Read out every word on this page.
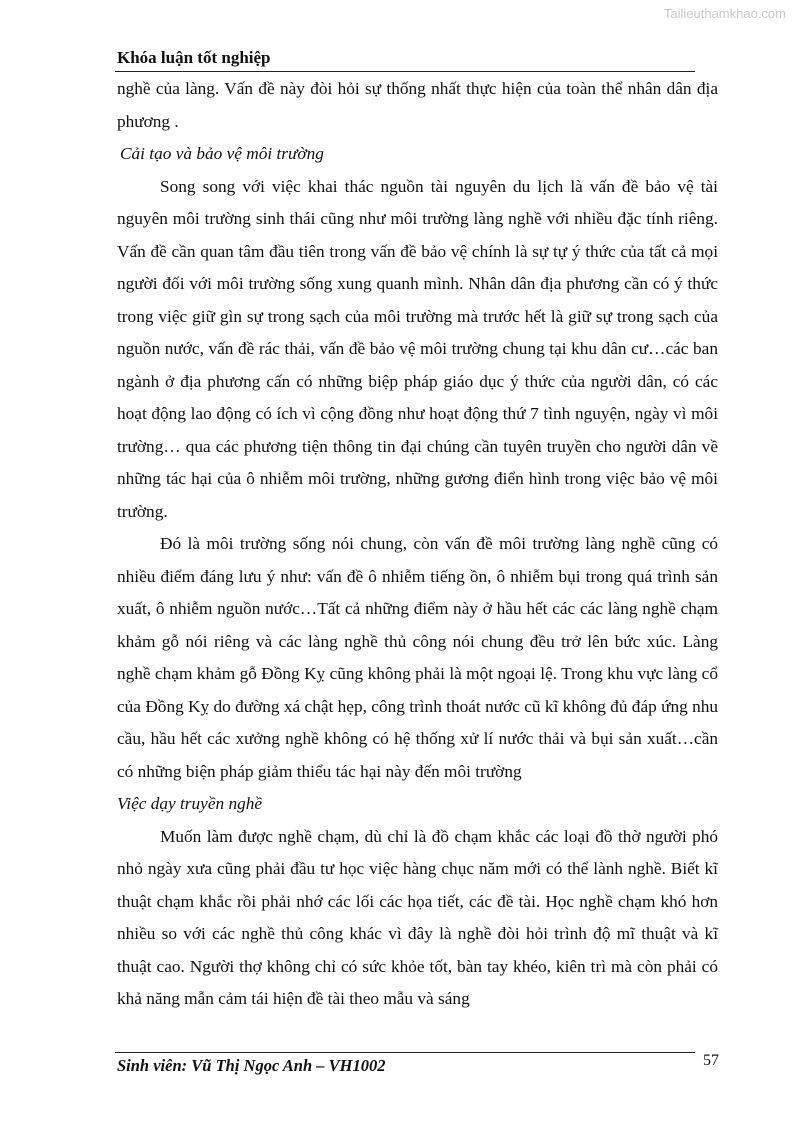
Tailieuthamkhao.com
Khóa luận tốt nghiệp

nghề của làng. Vấn đề này đòi hỏi sự thống nhất thực hiện của toàn thể nhân dân địa phương .

Cải tạo và bảo vệ môi trường

Song song với việc khai thác nguồn tài nguyên du lịch là vấn đề bảo vệ tài nguyên môi trường sinh thái cũng như môi trường làng nghề với nhiều đặc tính riêng. Vấn đề cần quan tâm đầu tiên trong vấn đề bảo vệ chính là sự tự ý thức của tất cả mọi người đối với môi trường sống xung quanh mình. Nhân dân địa phương cần có ý thức trong việc giữ gìn sự trong sạch của môi trường mà trước hết là giữ sự trong sạch của nguồn nước, vấn đề rác thải, vấn đề bảo vệ môi trường chung tại khu dân cư…các ban ngành ở địa phương cấn có những biệp pháp giáo dục ý thức của người dân, có các hoạt động lao động có ích vì cộng đồng như hoạt động thứ 7 tình nguyện, ngày vì môi trường… qua các phương tiện thông tin đại chúng cần tuyên truyền cho người dân về những tác hại của ô nhiễm môi trường, những gương điển hình trong việc bảo vệ môi trường.

Đó là môi trường sống nói chung, còn vấn đề môi trường làng nghề cũng có nhiều điểm đáng lưu ý như: vấn đề ô nhiễm tiếng ồn, ô nhiễm bụi trong quá trình sản xuất, ô nhiễm nguồn nước…Tất cả những điểm này ở hầu hết các các làng nghề chạm khảm gỗ nói riêng và các làng nghề thủ công nói chung đều trở lên bức xúc. Làng nghề chạm khảm gỗ Đồng Kỵ cũng không phải là một ngoại lệ. Trong khu vực làng cổ của Đồng Kỵ do đường xá chật hẹp, công trình thoát nước cũ kĩ không đủ đáp ứng nhu cầu, hầu hết các xưởng nghề không có hệ thống xử lí nước thải và bụi sản xuất…cần có những biện pháp giảm thiểu tác hại này đến môi trường

Việc dạy truyền nghề

Muốn làm được nghề chạm, dù chỉ là đồ chạm khắc các loại đồ thờ người phó nhỏ ngày xưa cũng phải đầu tư học việc hàng chục năm mới có thể lành nghề. Biết kĩ thuật chạm khắc rồi phải nhớ các lối các họa tiết, các đề tài. Học nghề chạm khó hơn nhiều so với các nghề thủ công khác vì đây là nghề đòi hỏi trình độ mĩ thuật và kĩ thuật cao. Người thợ không chỉ có sức khỏe tốt, bàn tay khéo, kiên trì mà còn phải có khả năng mẫn cảm tái hiện đề tài theo mẫu và sáng

Sinh viên: Vũ Thị Ngọc Anh – VH1002	57
